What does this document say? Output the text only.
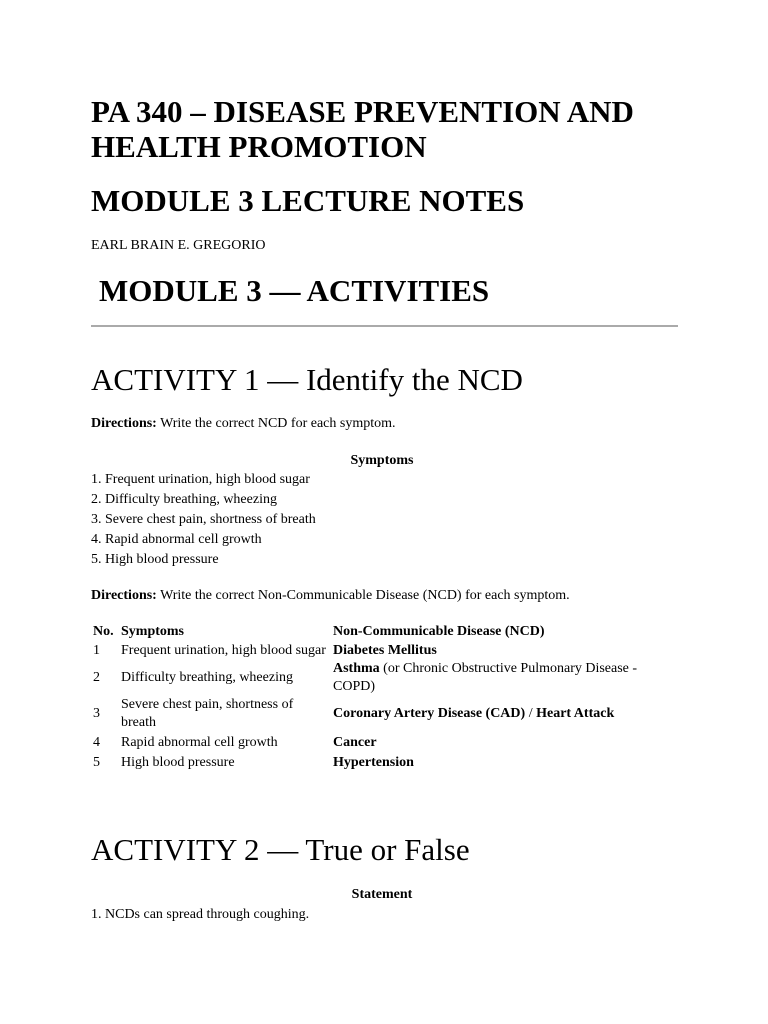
PA 340 – DISEASE PREVENTION AND HEALTH PROMOTION
MODULE 3 LECTURE NOTES
EARL BRAIN E. GREGORIO
MODULE 3 — ACTIVITIES
ACTIVITY 1 — Identify the NCD
Directions: Write the correct NCD for each symptom.
Symptoms
1. Frequent urination, high blood sugar
2. Difficulty breathing, wheezing
3. Severe chest pain, shortness of breath
4. Rapid abnormal cell growth
5. High blood pressure
Directions: Write the correct Non-Communicable Disease (NCD) for each symptom.
No.	Symptoms	Non-Communicable Disease (NCD)
1	Frequent urination, high blood sugar	Diabetes Mellitus
2	Difficulty breathing, wheezing	Asthma (or Chronic Obstructive Pulmonary Disease - COPD)
3	Severe chest pain, shortness of breath	Coronary Artery Disease (CAD) / Heart Attack
4	Rapid abnormal cell growth	Cancer
5	High blood pressure	Hypertension
ACTIVITY 2 — True or False
Statement
1. NCDs can spread through coughing.
